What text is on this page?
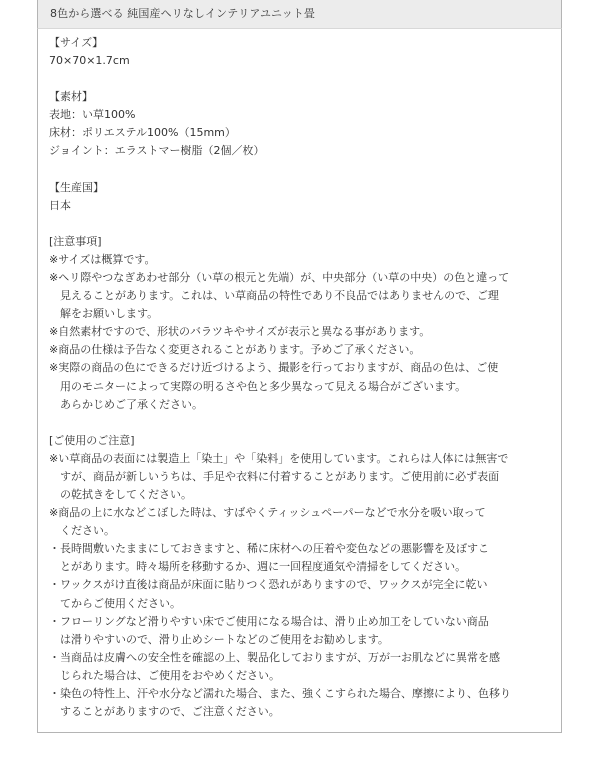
8色から選べる 純国産ヘリなしインテリアユニット畳
【サイズ】
70×70×1.7cm
【素材】
表地：い草100%
床材：ポリエステル100%（15mm）
ジョイント：エラストマー樹脂（2個／枚）
【生産国】
日本
[注意事項]
※サイズは概算です。
※ヘリ際やつなぎあわせ部分（い草の根元と先端）が、中央部分（い草の中央）の色と違って
見えることがあります。これは、い草商品の特性であり不良品ではありませんので、ご理
解をお願いします。
※自然素材ですので、形状のバラツキやサイズが表示と異なる事があります。
※商品の仕様は予告なく変更されることがあります。予めご了承ください。
※実際の商品の色にできるだけ近づけるよう、撮影を行っておりますが、商品の色は、ご使
用のモニターによって実際の明るさや色と多少異なって見える場合がございます。
あらかじめご了承ください。
[ご使用のご注意]
※い草商品の表面には製造上「染土」や「染料」を使用しています。これらは人体には無害で
すが、商品が新しいうちは、手足や衣料に付着することがあります。ご使用前に必ず表面
の乾拭きをしてください。
※商品の上に水などこぼした時は、すばやくティッシュペーパーなどで水分を吸い取って
ください。
・長時間敷いたままにしておきますと、稀に床材への圧着や変色などの悪影響を及ぼすこ
とがあります。時々場所を移動するか、週に一回程度通気や清掃をしてください。
・ワックスがけ直後は商品が床面に貼りつく恐れがありますので、ワックスが完全に乾い
てからご使用ください。
・フローリングなど滑りやすい床でご使用になる場合は、滑り止め加工をしていない商品
は滑りやすいので、滑り止めシートなどのご使用をお勧めします。
・当商品は皮膚への安全性を確認の上、製品化しておりますが、万が一お肌などに異常を感
じられた場合は、ご使用をおやめください。
・染色の特性上、汗や水分など濡れた場合、また、強くこすられた場合、摩擦により、色移り
することがありますので、ご注意ください。
